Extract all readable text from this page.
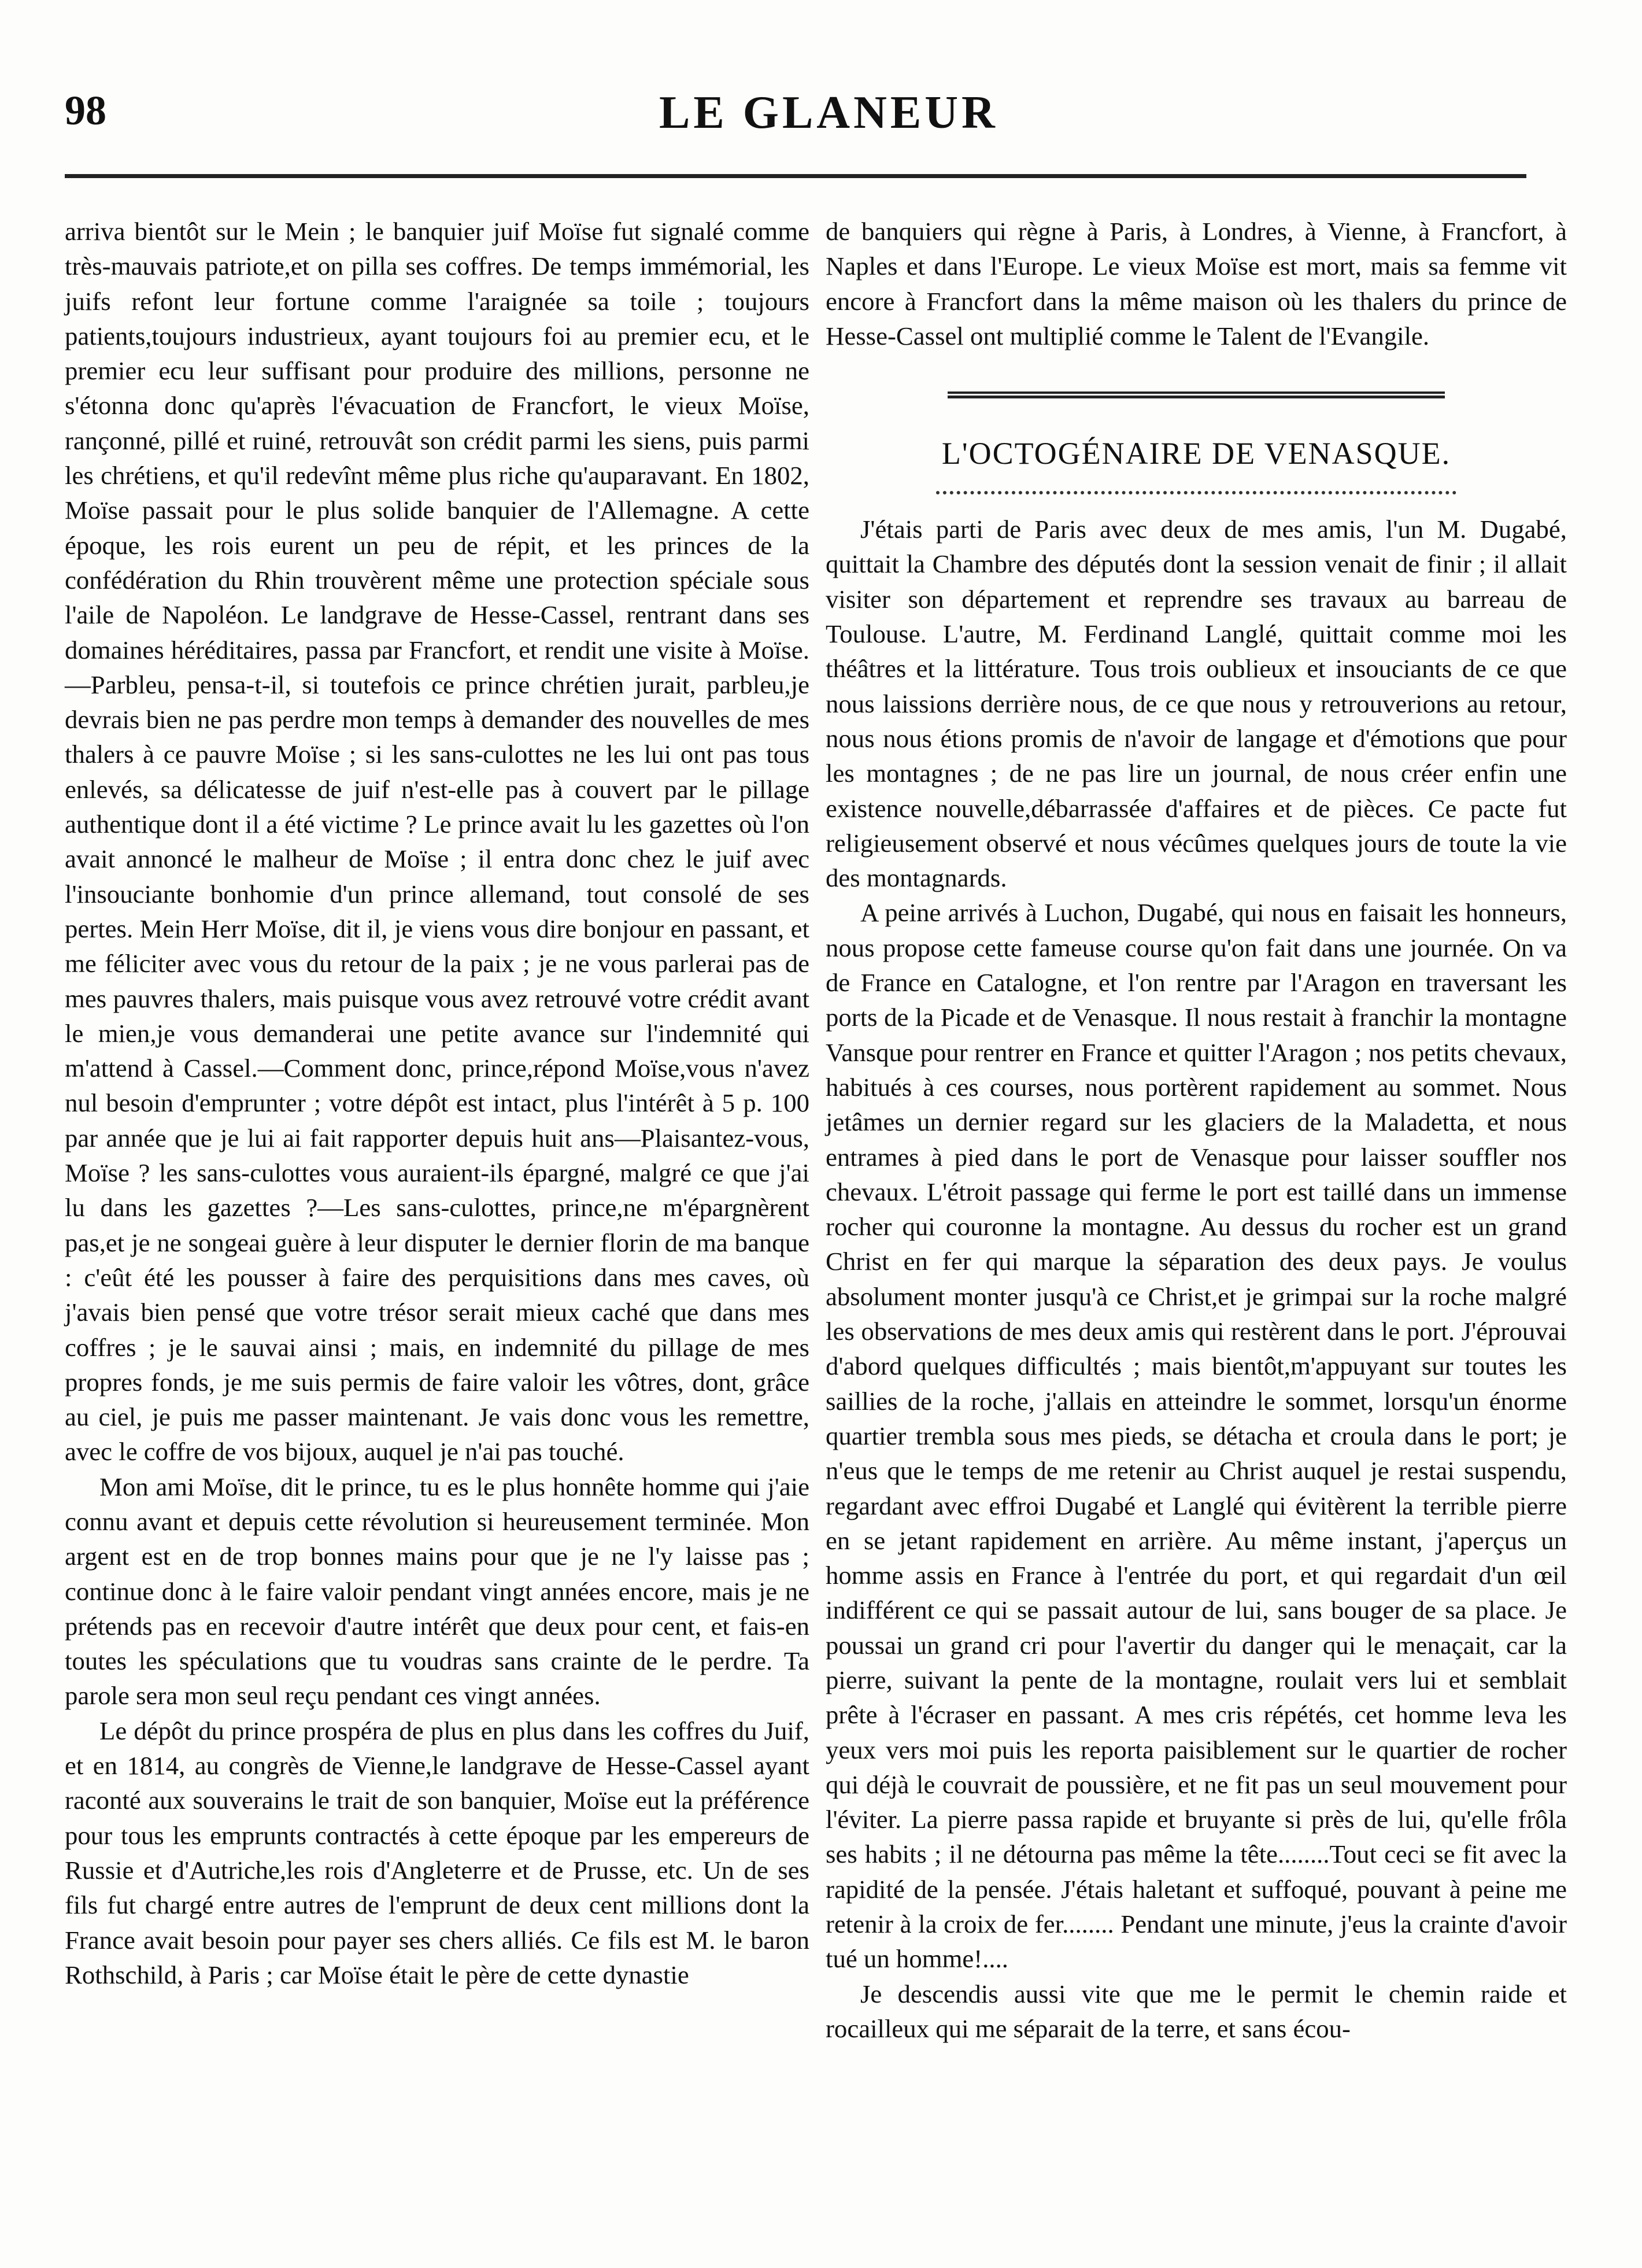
98	LE GLANEUR

arriva bientôt sur le Mein ; le banquier juif Moïse fut signalé comme très-mauvais patriote,et on pilla ses coffres. De temps immémorial, les juifs refont leur fortune comme l'araignée sa toile ; toujours patients,toujours industrieux, ayant toujours foi au premier ecu, et le premier ecu leur suffisant pour produire des millions, personne ne s'étonna donc qu'après l'évacuation de Francfort, le vieux Moïse, rançonné, pillé et ruiné, retrouvât son crédit parmi les siens, puis parmi les chrétiens, et qu'il redevînt même plus riche qu'auparavant. En 1802, Moïse passait pour le plus solide banquier de l'Allemagne. A cette époque, les rois eurent un peu de répit, et les princes de la confédération du Rhin trouvèrent même une protection spéciale sous l'aile de Napoléon. Le landgrave de Hesse-Cassel, rentrant dans ses domaines héréditaires, passa par Francfort, et rendit une visite à Moïse.—Parbleu, pensa-t-il, si toutefois ce prince chrétien jurait, parbleu,je devrais bien ne pas perdre mon temps à demander des nouvelles de mes thalers à ce pauvre Moïse ; si les sans-culottes ne les lui ont pas tous enlevés, sa délicatesse de juif n'est-elle pas à couvert par le pillage authentique dont il a été victime ? Le prince avait lu les gazettes où l'on avait annoncé le malheur de Moïse ; il entra donc chez le juif avec l'insouciante bonhomie d'un prince allemand, tout consolé de ses pertes. Mein Herr Moïse, dit il, je viens vous dire bonjour en passant, et me féliciter avec vous du retour de la paix ; je ne vous parlerai pas de mes pauvres thalers, mais puisque vous avez retrouvé votre crédit avant le mien,je vous demanderai une petite avance sur l'indemnité qui m'attend à Cassel.—Comment donc, prince,répond Moïse,vous n'avez nul besoin d'emprunter ; votre dépôt est intact, plus l'intérêt à 5 p. 100 par année que je lui ai fait rapporter depuis huit ans—Plaisantez-vous, Moïse ? les sans-culottes vous auraient-ils épargné, malgré ce que j'ai lu dans les gazettes ?—Les sans-culottes, prince,ne m'épargnèrent pas,et je ne songeai guère à leur disputer le dernier florin de ma banque : c'eût été les pousser à faire des perquisitions dans mes caves, où j'avais bien pensé que votre trésor serait mieux caché que dans mes coffres ; je le sauvai ainsi ; mais, en indemnité du pillage de mes propres fonds, je me suis permis de faire valoir les vôtres, dont, grâce au ciel, je puis me passer maintenant. Je vais donc vous les remettre, avec le coffre de vos bijoux, auquel je n'ai pas touché.

Mon ami Moïse, dit le prince, tu es le plus honnête homme qui j'aie connu avant et depuis cette révolution si heureusement terminée. Mon argent est en de trop bonnes mains pour que je ne l'y laisse pas ; continue donc à le faire valoir pendant vingt années encore, mais je ne prétends pas en recevoir d'autre intérêt que deux pour cent, et fais-en toutes les spéculations que tu voudras sans crainte de le perdre. Ta parole sera mon seul reçu pendant ces vingt années.

Le dépôt du prince prospéra de plus en plus dans les coffres du Juif, et en 1814, au congrès de Vienne,le landgrave de Hesse-Cassel ayant raconté aux souverains le trait de son banquier, Moïse eut la préférence pour tous les emprunts contractés à cette époque par les empereurs de Russie et d'Autriche,les rois d'Angleterre et de Prusse, etc. Un de ses fils fut chargé entre autres de l'emprunt de deux cent millions dont la France avait besoin pour payer ses chers alliés. Ce fils est M. le baron Rothschild, à Paris ; car Moïse était le père de cette dynastie

de banquiers qui règne à Paris, à Londres, à Vienne, à Francfort, à Naples et dans l'Europe. Le vieux Moïse est mort, mais sa femme vit encore à Francfort dans la même maison où les thalers du prince de Hesse-Cassel ont multiplié comme le Talent de l'Evangile.

L'OCTOGÉNAIRE DE VENASQUE.

J'étais parti de Paris avec deux de mes amis, l'un M. Dugabé, quittait la Chambre des députés dont la session venait de finir ; il allait visiter son département et reprendre ses travaux au barreau de Toulouse. L'autre, M. Ferdinand Langlé, quittait comme moi les théâtres et la littérature. Tous trois oublieux et insouciants de ce que nous laissions derrière nous, de ce que nous y retrouverions au retour, nous nous étions promis de n'avoir de langage et d'émotions que pour les montagnes ; de ne pas lire un journal, de nous créer enfin une existence nouvelle,débarrassée d'affaires et de pièces. Ce pacte fut religieusement observé et nous vécûmes quelques jours de toute la vie des montagnards.

A peine arrivés à Luchon, Dugabé, qui nous en faisait les honneurs, nous propose cette fameuse course qu'on fait dans une journée. On va de France en Catalogne, et l'on rentre par l'Aragon en traversant les ports de la Picade et de Venasque. Il nous restait à franchir la montagne Vansque pour rentrer en France et quitter l'Aragon ; nos petits chevaux, habitués à ces courses, nous portèrent rapidement au sommet. Nous jetâmes un dernier regard sur les glaciers de la Maladetta, et nous entrames à pied dans le port de Venasque pour laisser souffler nos chevaux. L'étroit passage qui ferme le port est taillé dans un immense rocher qui couronne la montagne. Au dessus du rocher est un grand Christ en fer qui marque la séparation des deux pays. Je voulus absolument monter jusqu'à ce Christ,et je grimpai sur la roche malgré les observations de mes deux amis qui restèrent dans le port. J'éprouvai d'abord quelques difficultés ; mais bientôt,m'appuyant sur toutes les saillies de la roche, j'allais en atteindre le sommet, lorsqu'un énorme quartier trembla sous mes pieds, se détacha et croula dans le port; je n'eus que le temps de me retenir au Christ auquel je restai suspendu, regardant avec effroi Dugabé et Langlé qui évitèrent la terrible pierre en se jetant rapidement en arrière. Au même instant, j'aperçus un homme assis en France à l'entrée du port, et qui regardait d'un œil indifférent ce qui se passait autour de lui, sans bouger de sa place. Je poussai un grand cri pour l'avertir du danger qui le menaçait, car la pierre, suivant la pente de la montagne, roulait vers lui et semblait prête à l'écraser en passant. A mes cris répétés, cet homme leva les yeux vers moi puis les reporta paisiblement sur le quartier de rocher qui déjà le couvrait de poussière, et ne fit pas un seul mouvement pour l'éviter. La pierre passa rapide et bruyante si près de lui, qu'elle frôla ses habits ; il ne détourna pas même la tête........Tout ceci se fit avec la rapidité de la pensée. J'étais haletant et suffoqué, pouvant à peine me retenir à la croix de fer........ Pendant une minute, j'eus la crainte d'avoir tué un homme!....

Je descendis aussi vite que me le permit le chemin raide et rocailleux qui me séparait de la terre, et sans écou-
